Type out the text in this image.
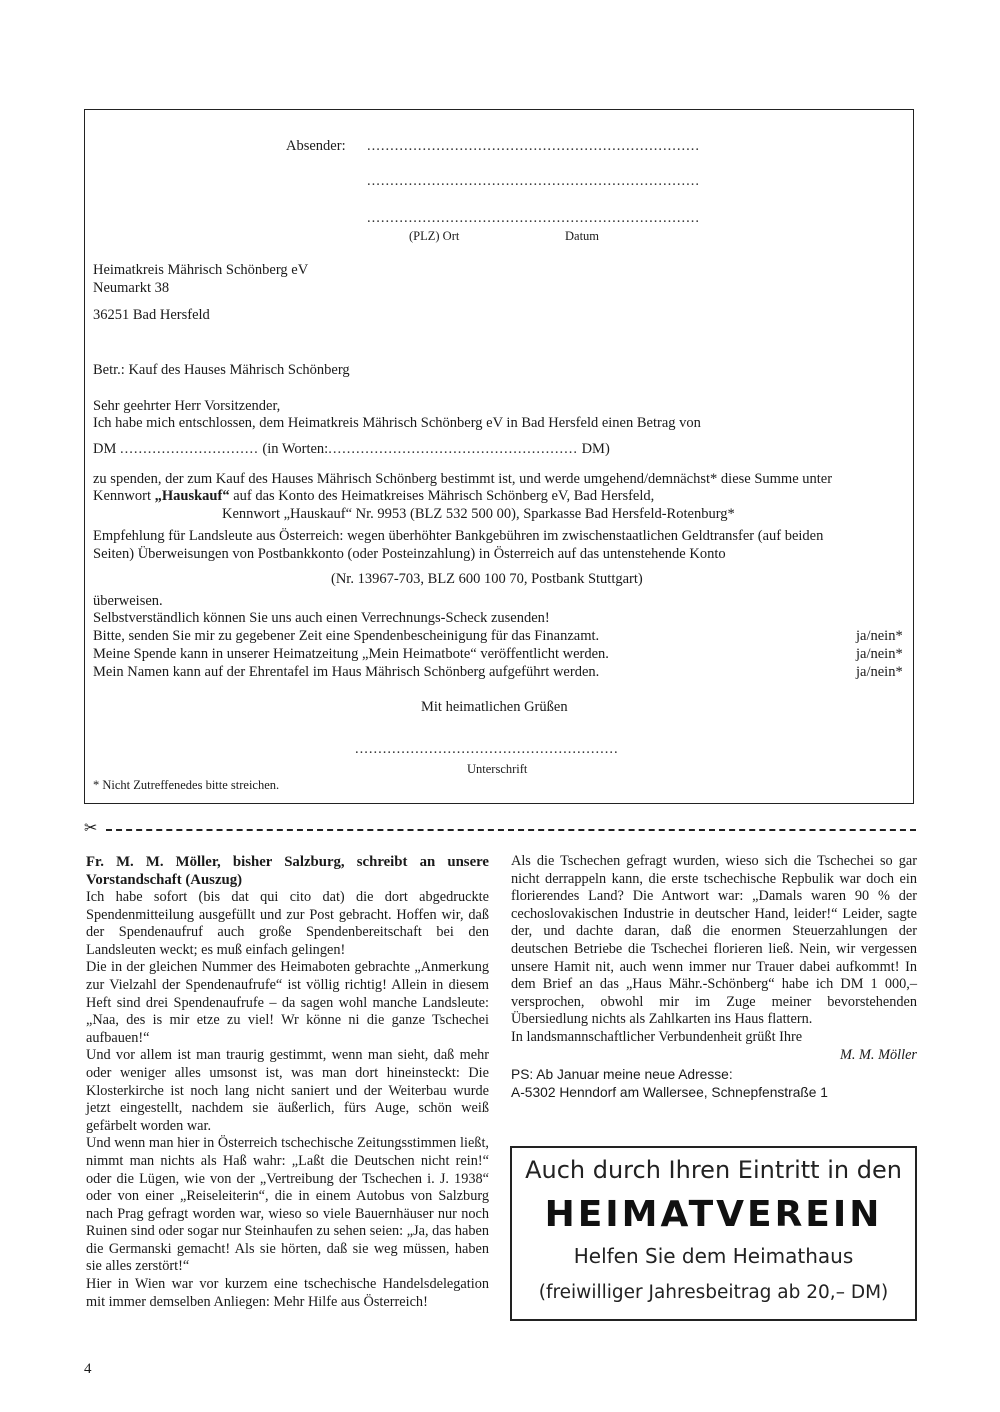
Absender: ........................................................................
........................................................................
........................................................................
(PLZ) Ort	Datum
Heimatkreis Mährisch Schönberg eV
Neumarkt 38
36251 Bad Hersfeld
Betr.: Kauf des Hauses Mährisch Schönberg
Sehr geehrter Herr Vorsitzender,
Ich habe mich entschlossen, dem Heimatkreis Mährisch Schönberg eV in Bad Hersfeld einen Betrag von
DM .............................. (in Worten:...................................................... DM)
zu spenden, der zum Kauf des Hauses Mährisch Schönberg bestimmt ist, und werde umgehend/demnächst* diese Summe unter
Kennwort „Hauskauf“ auf das Konto des Heimatkreises Mährisch Schönberg eV, Bad Hersfeld,
Kennwort „Hauskauf“ Nr. 9953 (BLZ 532 500 00), Sparkasse Bad Hersfeld-Rotenburg*
Empfehlung für Landsleute aus Österreich: wegen überhöhter Bankgebühren im zwischenstaatlichen Geldtransfer (auf beiden
Seiten) Überweisungen von Postbankkonto (oder Posteinzahlung) in Österreich auf das untenstehende Konto
(Nr. 13967-703, BLZ 600 100 70, Postbank Stuttgart)
überweisen.
Selbstverständlich können Sie uns auch einen Verrechnungs-Scheck zusenden!
Bitte, senden Sie mir zu gegebener Zeit eine Spendenbescheinigung für das Finanzamt.	ja/nein*
Meine Spende kann in unserer Heimatzeitung „Mein Heimatbote“ veröffentlicht werden.	ja/nein*
Mein Namen kann auf der Ehrentafel im Haus Mährisch Schönberg aufgeführt werden.	ja/nein*
Mit heimatlichen Grüßen
.........................................................
Unterschrift
* Nicht Zutreffenedes bitte streichen.
✂

Fr. M. M. Möller, bisher Salzburg, schreibt an unsere Vorstandschaft (Auszug)

Ich habe sofort (bis dat qui cito dat) die dort abgedruckte Spendenmitteilung ausgefüllt und zur Post gebracht. Hoffen wir, daß der Spendenaufruf auch große Spendenbereitschaft bei den Landsleuten weckt; es muß einfach gelingen!

Die in der gleichen Nummer des Heimaboten gebrachte „Anmerkung zur Vielzahl der Spendenaufrufe“ ist völlig richtig! Allein in diesem Heft sind drei Spendenaufrufe – da sagen wohl manche Landsleute: „Naa, des is mir etze zu viel! Wr könne ni die ganze Tschechei aufbauen!“

Und vor allem ist man traurig gestimmt, wenn man sieht, daß mehr oder weniger alles umsonst ist, was man dort hineinsteckt: Die Klosterkirche ist noch lang nicht saniert und der Weiterbau wurde jetzt eingestellt, nachdem sie äußerlich, fürs Auge, schön weiß gefärbelt worden war.

Und wenn man hier in Österreich tschechische Zeitungsstimmen ließt, nimmt man nichts als Haß wahr: „Laßt die Deutschen nicht rein!“ oder die Lügen, wie von der „Vertreibung der Tschechen i. J. 1938“ oder von einer „Reiseleiterin“, die in einem Autobus von Salzburg nach Prag gefragt worden war, wieso so viele Bauernhäuser nur noch Ruinen sind oder sogar nur Steinhaufen zu sehen seien: „Ja, das haben die Germanski gemacht! Als sie hörten, daß sie weg müssen, haben sie alles zerstört!“

Hier in Wien war vor kurzem eine tschechische Handelsdelegation mit immer demselben Anliegen: Mehr Hilfe aus Österreich!

Als die Tschechen gefragt wurden, wieso sich die Tschechei so gar nicht derrappeln kann, die erste tschechische Repbulik war doch ein florierendes Land? Die Antwort war: „Damals waren 90 % der cechoslovakischen Industrie in deutscher Hand, leider!“ Leider, sagte der, und dachte daran, daß die enormen Steuerzahlungen der deutschen Betriebe die Tschechei florieren ließ. Nein, wir vergessen unsere Hamit nit, auch wenn immer nur Trauer dabei aufkommt! In dem Brief an das „Haus Mähr.-Schönberg“ habe ich DM 1 000,– versprochen, obwohl mir im Zuge meiner bevorstehenden Übersiedlung nichts als Zahlkarten ins Haus flattern.

In landsmannschaftlicher Verbundenheit grüßt Ihre

M. M. Möller

PS: Ab Januar meine neue Adresse:

A-5302 Henndorf am Wallersee, Schnepfenstraße 1

Auch durch Ihren Eintritt in den
HEIMATVEREIN
Helfen Sie dem Heimathaus
(freiwilliger Jahresbeitrag ab 20,– DM)
4
